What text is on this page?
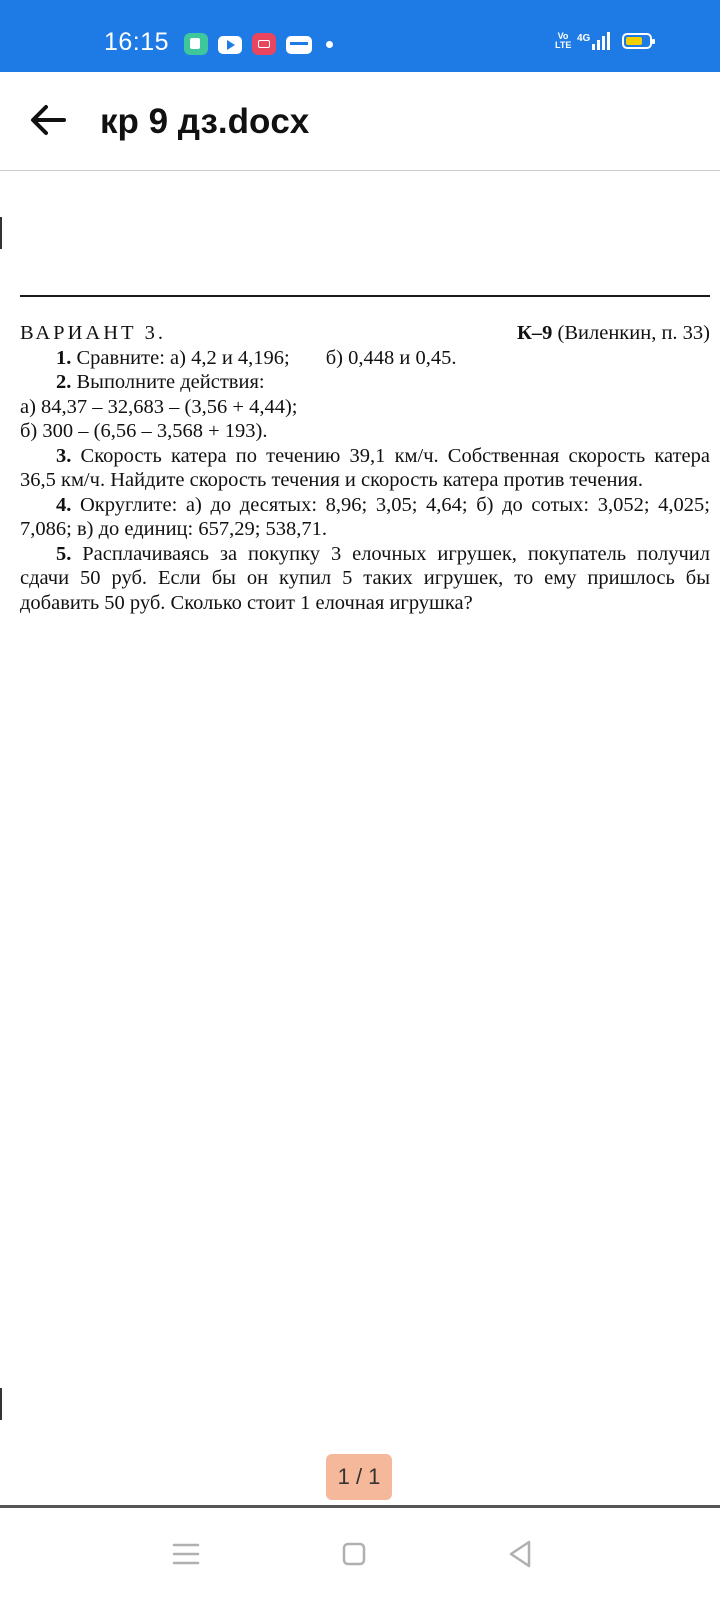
16:15	Vo
LTE
4G
кр 9 дз.docx
ВАРИАНТ 3.	К–9 (Виленкин, п. 33)

1. Сравните: а) 4,2 и 4,196; б) 0,448 и 0,45.

2. Выполните действия:

а) 84,37 – 32,683 – (3,56 + 4,44);

б) 300 – (6,56 – 3,568 + 193).

3. Скорость катера по течению 39,1 км/ч. Собственная скорость катера 36,5 км/ч. Найдите скорость течения и скорость катера против течения.

4. Округлите: а) до десятых: 8,96; 3,05; 4,64; б) до сотых: 3,052; 4,025; 7,086; в) до единиц: 657,29; 538,71.

5. Расплачиваясь за покупку 3 елочных игрушек, покупатель получил сдачи 50 руб. Если бы он купил 5 таких игрушек, то ему пришлось бы добавить 50 руб. Сколько стоит 1 елочная игрушка?

1 / 1
